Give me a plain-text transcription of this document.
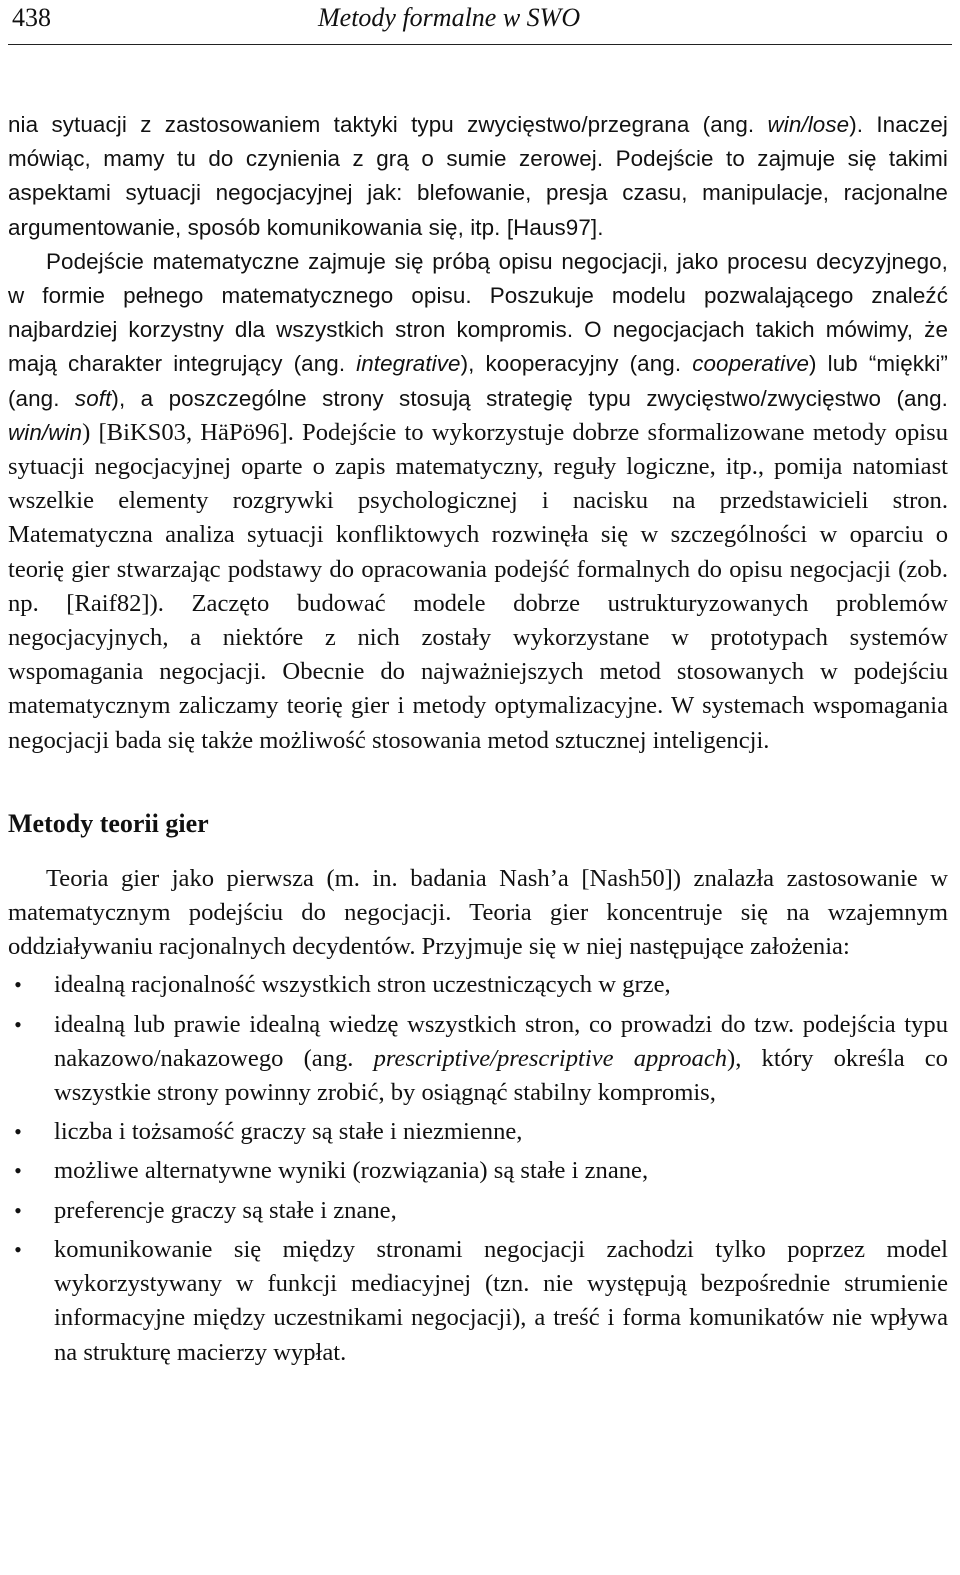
438	Metody formalne w SWO

nia sytuacji z zastosowaniem taktyki typu zwycięstwo/przegrana (ang. win/lose). Inaczej mówiąc, mamy tu do czynienia z grą o sumie zerowej. Podejście to zajmuje się takimi aspektami sytuacji negocjacyjnej jak: blefowanie, presja czasu, manipulacje, racjonalne argumentowanie, sposób komunikowania się, itp. [Haus97].

Podejście matematyczne zajmuje się próbą opisu negocjacji, jako procesu decyzyjnego, w formie pełnego matematycznego opisu. Poszukuje modelu pozwalającego znaleźć najbardziej korzystny dla wszystkich stron kompromis. O negocjacjach takich mówimy, że mają charakter integrujący (ang. integrative), kooperacyjny (ang. cooperative) lub “miękki” (ang. soft), a poszczególne strony stosują strategię typu zwycięstwo/zwycięstwo (ang. win/win) [BiKS03, HäPö96]. Podejście to wykorzystuje dobrze sformalizowane metody opisu sytuacji negocjacyjnej oparte o zapis matematyczny, reguły logiczne, itp., pomija natomiast wszelkie elementy rozgrywki psychologicznej i nacisku na przedstawicieli stron. Matematyczna analiza sytuacji konfliktowych rozwinęła się w szczególności w oparciu o teorię gier stwarzając podstawy do opracowania podejść formalnych do opisu negocjacji (zob. np. [Raif82]). Zaczęto budować modele dobrze ustrukturyzowanych problemów negocjacyjnych, a niektóre z nich zostały wykorzystane w prototypach systemów wspomagania negocjacji. Obecnie do najważniejszych metod stosowanych w podejściu matematycznym zaliczamy teorię gier i metody optymalizacyjne. W systemach wspomagania negocjacji bada się także możliwość stosowania metod sztucznej inteligencji.

Metody teorii gier

Teoria gier jako pierwsza (m. in. badania Nash’a [Nash50]) znalazła zastosowanie w matematycznym podejściu do negocjacji. Teoria gier koncentruje się na wzajemnym oddziaływaniu racjonalnych decydentów. Przyjmuje się w niej następujące założenia:

• idealną racjonalność wszystkich stron uczestniczących w grze,
• idealną lub prawie idealną wiedzę wszystkich stron, co prowadzi do tzw. podejścia typu nakazowo/nakazowego (ang. prescriptive/prescriptive approach), który określa co wszystkie strony powinny zrobić, by osiągnąć stabilny kompromis,
• liczba i tożsamość graczy są stałe i niezmienne,
• możliwe alternatywne wyniki (rozwiązania) są stałe i znane,
• preferencje graczy są stałe i znane,
• komunikowanie się między stronami negocjacji zachodzi tylko poprzez model wykorzystywany w funkcji mediacyjnej (tzn. nie występują bezpośrednie strumienie informacyjne między uczestnikami negocjacji), a treść i forma komunikatów nie wpływa na strukturę macierzy wypłat.
